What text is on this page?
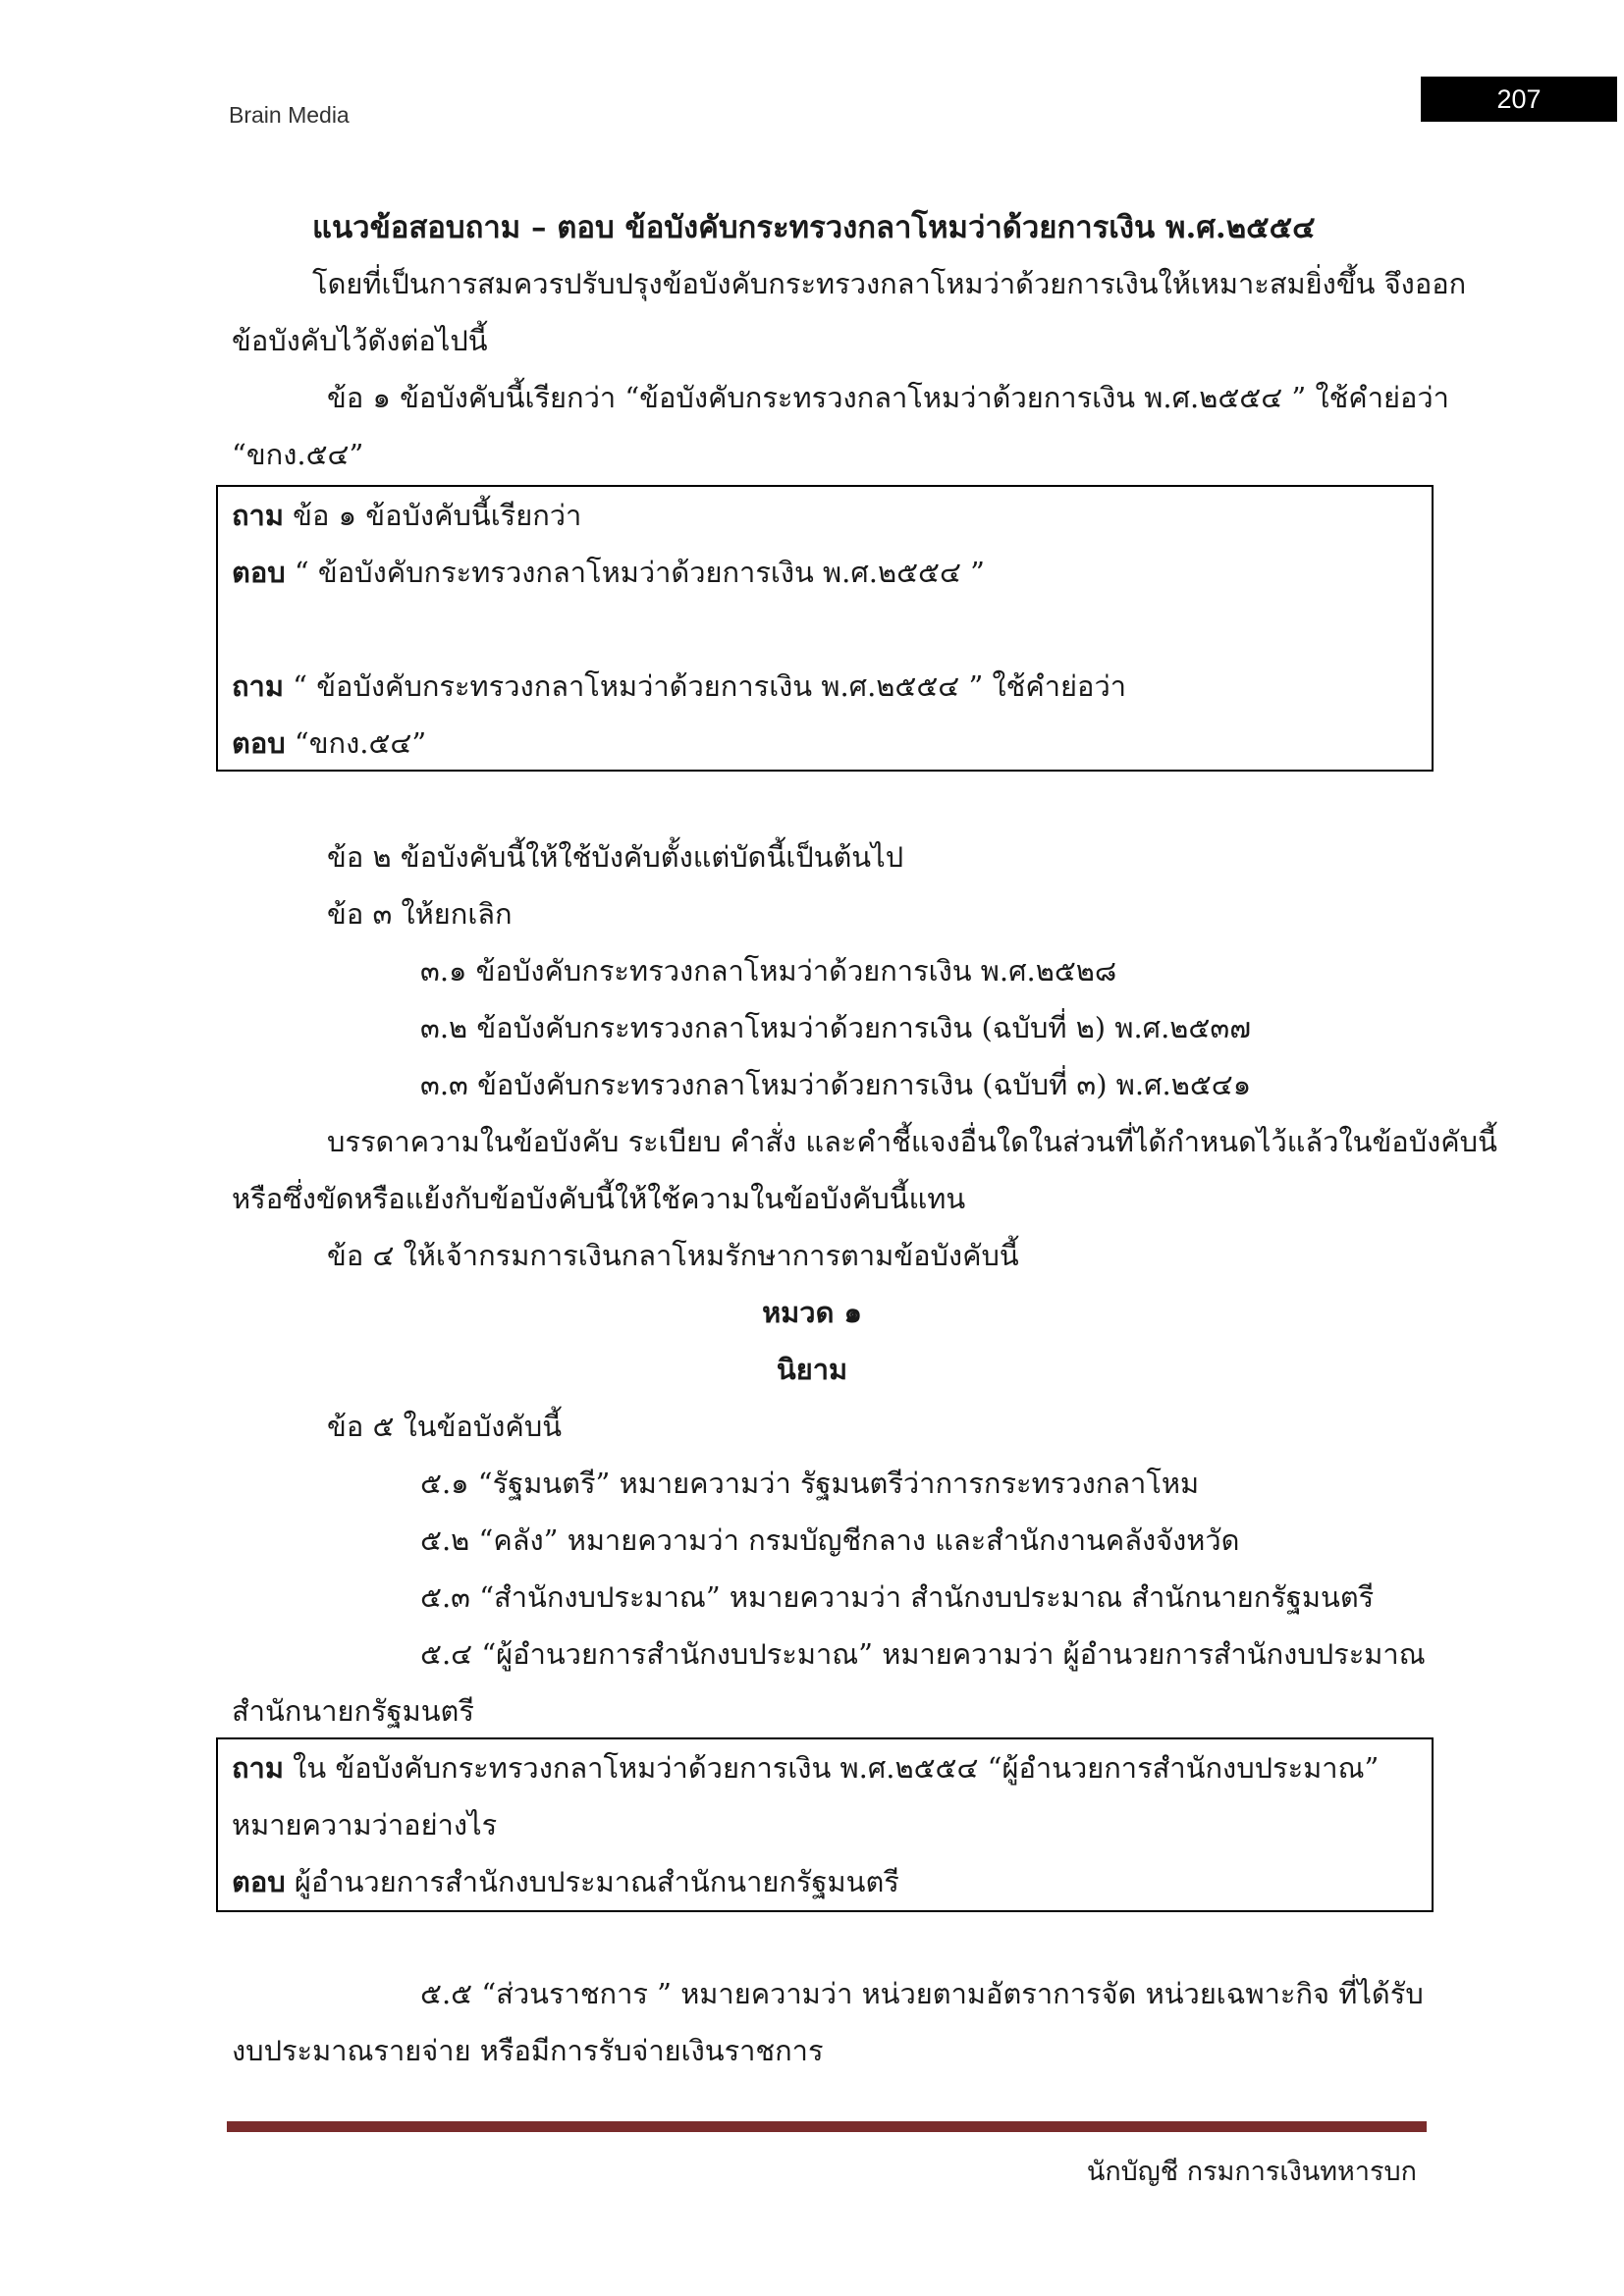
Brain Media
207
แนวข้อสอบถาม – ตอบ ข้อบังคับกระทรวงกลาโหมว่าด้วยการเงิน พ.ศ.๒๕๕๔
โดยที่เป็นการสมควรปรับปรุงข้อบังคับกระทรวงกลาโหมว่าด้วยการเงินให้เหมาะสมยิ่งขึ้น จึงออก
ข้อบังคับไว้ดังต่อไปนี้
ข้อ ๑ ข้อบังคับนี้เรียกว่า “ข้อบังคับกระทรวงกลาโหมว่าด้วยการเงิน พ.ศ.๒๕๕๔ ” ใช้คำย่อว่า
“ขกง.๕๔”
ถาม ข้อ ๑ ข้อบังคับนี้เรียกว่า
ตอบ “ ข้อบังคับกระทรวงกลาโหมว่าด้วยการเงิน พ.ศ.๒๕๕๔ ”
ถาม “ ข้อบังคับกระทรวงกลาโหมว่าด้วยการเงิน พ.ศ.๒๕๕๔ ” ใช้คำย่อว่า
ตอบ “ขกง.๕๔”
ข้อ ๒ ข้อบังคับนี้ให้ใช้บังคับตั้งแต่บัดนี้เป็นต้นไป
ข้อ ๓ ให้ยกเลิก
๓.๑ ข้อบังคับกระทรวงกลาโหมว่าด้วยการเงิน พ.ศ.๒๕๒๘
๓.๒ ข้อบังคับกระทรวงกลาโหมว่าด้วยการเงิน (ฉบับที่ ๒) พ.ศ.๒๕๓๗
๓.๓ ข้อบังคับกระทรวงกลาโหมว่าด้วยการเงิน (ฉบับที่ ๓) พ.ศ.๒๕๔๑
บรรดาความในข้อบังคับ ระเบียบ คำสั่ง และคำชี้แจงอื่นใดในส่วนที่ได้กำหนดไว้แล้วในข้อบังคับนี้
หรือซึ่งขัดหรือแย้งกับข้อบังคับนี้ให้ใช้ความในข้อบังคับนี้แทน
ข้อ ๔ ให้เจ้ากรมการเงินกลาโหมรักษาการตามข้อบังคับนี้
หมวด ๑
นิยาม
ข้อ ๕ ในข้อบังคับนี้
๕.๑ “รัฐมนตรี” หมายความว่า รัฐมนตรีว่าการกระทรวงกลาโหม
๕.๒ “คลัง” หมายความว่า กรมบัญชีกลาง และสำนักงานคลังจังหวัด
๕.๓ “สำนักงบประมาณ” หมายความว่า สำนักงบประมาณ สำนักนายกรัฐมนตรี
๕.๔ “ผู้อำนวยการสำนักงบประมาณ” หมายความว่า ผู้อำนวยการสำนักงบประมาณ
สำนักนายกรัฐมนตรี
ถาม ใน ข้อบังคับกระทรวงกลาโหมว่าด้วยการเงิน พ.ศ.๒๕๕๔ “ผู้อำนวยการสำนักงบประมาณ”
หมายความว่าอย่างไร
ตอบ ผู้อำนวยการสำนักงบประมาณสำนักนายกรัฐมนตรี
๕.๕ “ส่วนราชการ ” หมายความว่า หน่วยตามอัตราการจัด หน่วยเฉพาะกิจ ที่ได้รับ
งบประมาณรายจ่าย หรือมีการรับจ่ายเงินราชการ
นักบัญชี กรมการเงินทหารบก
